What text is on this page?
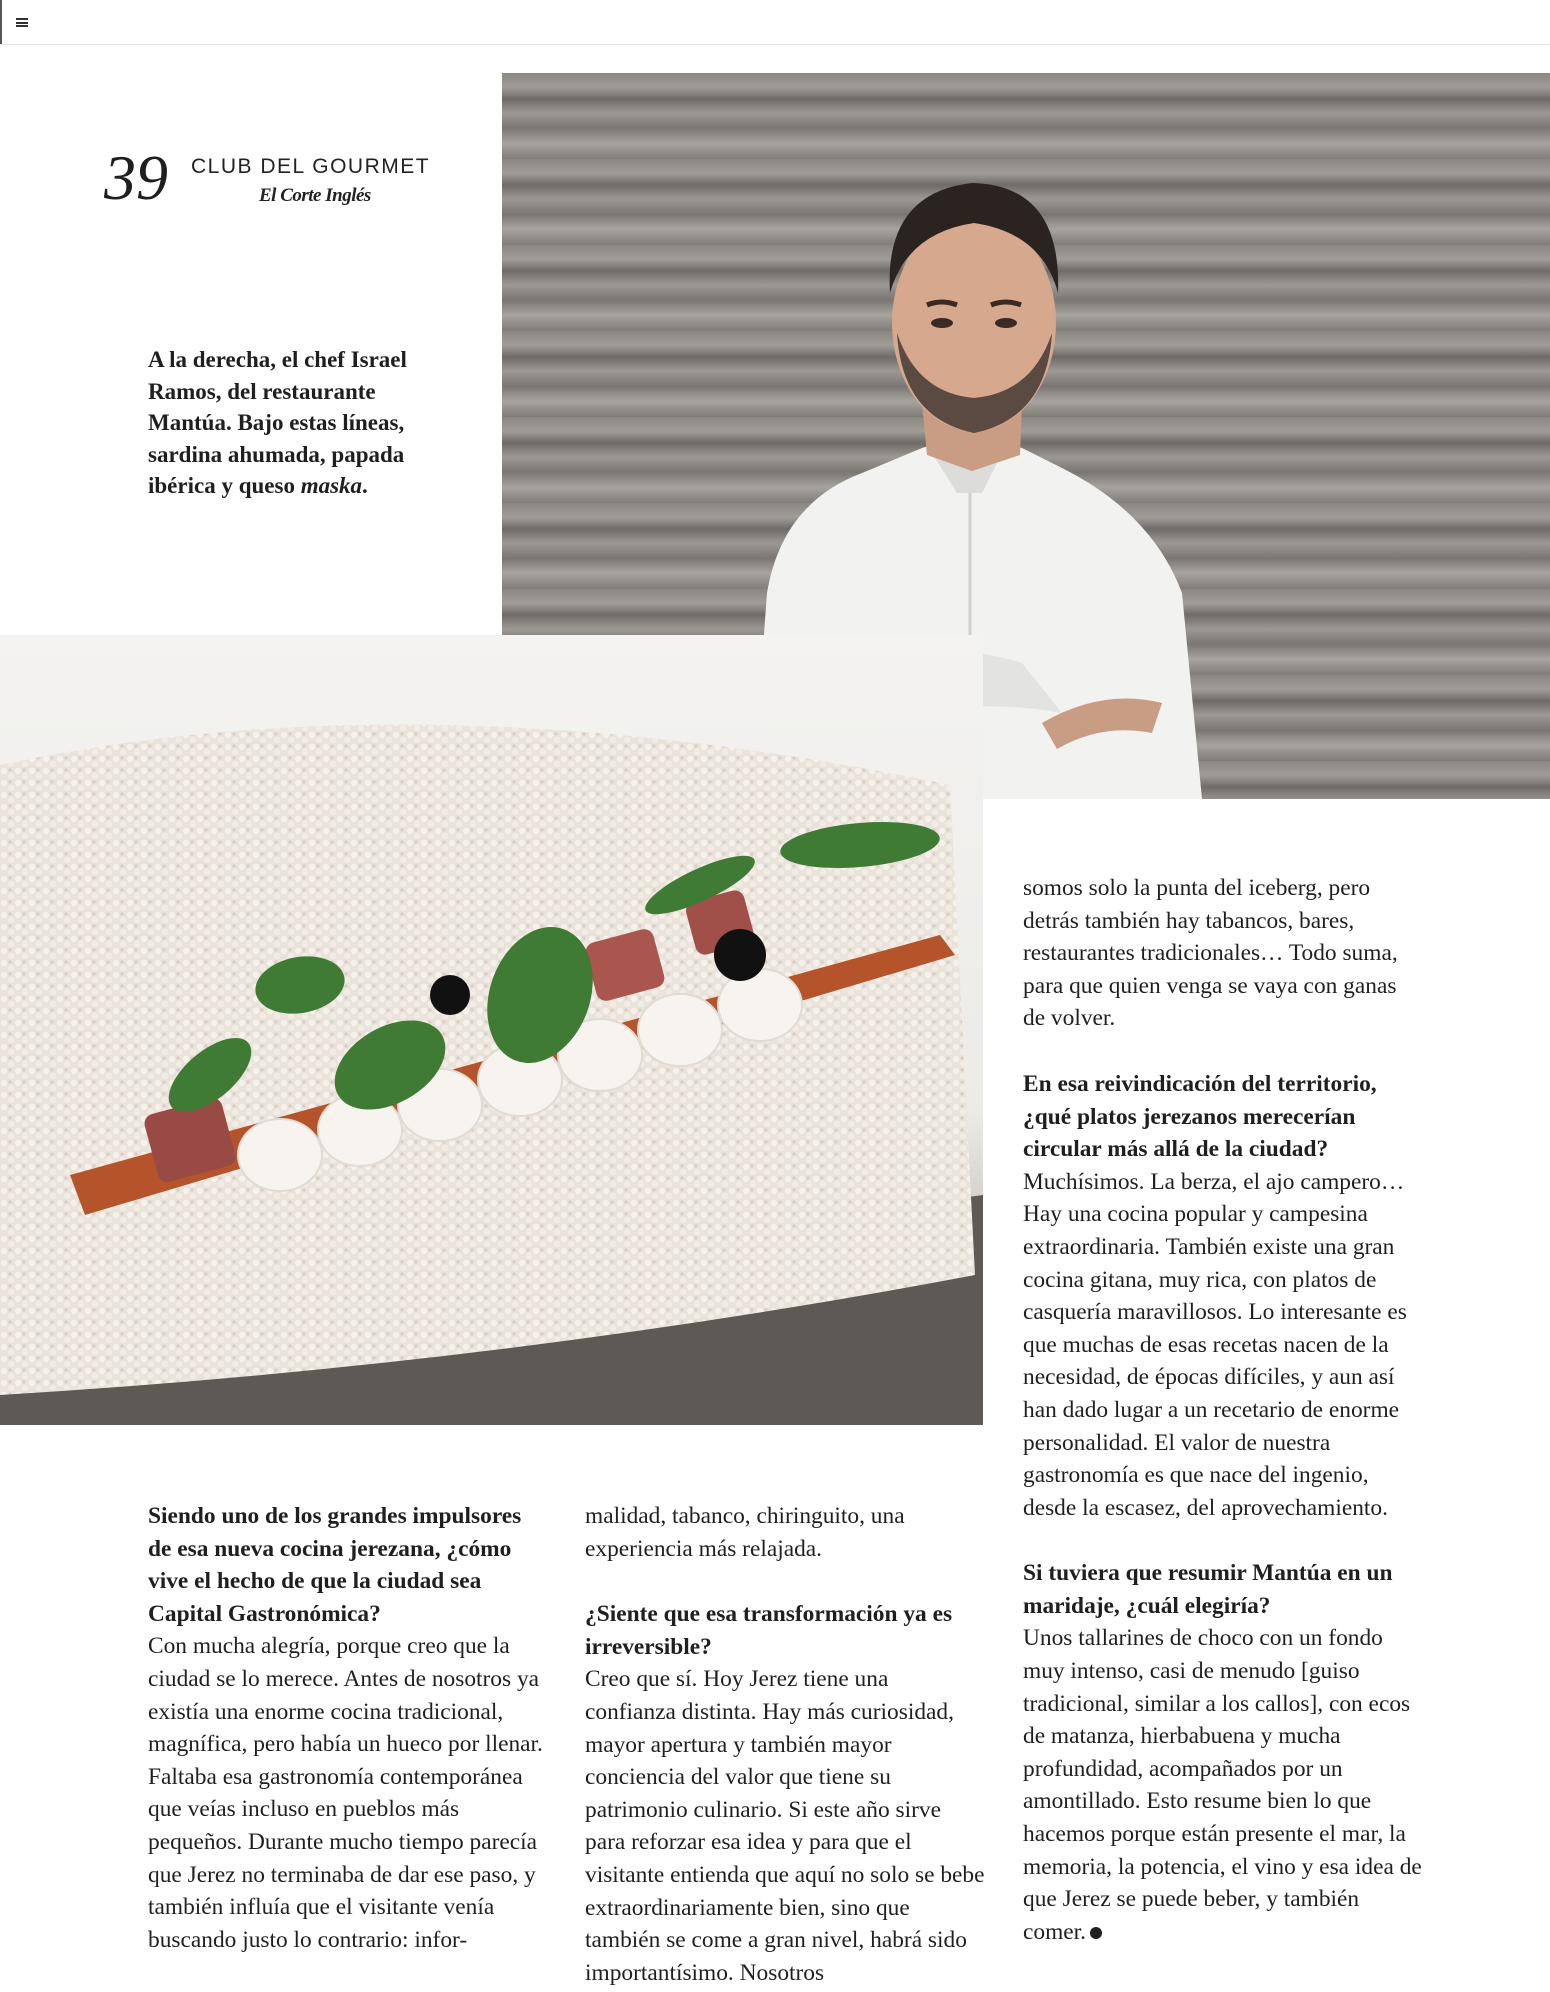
39 CLUB DEL GOURMET
El Corte Inglés
A la derecha, el chef Israel Ramos, del restaurante Mantúa. Bajo estas líneas, sardina ahumada, papada ibérica y queso maska.

Siendo uno de los grandes impulsores de esa nueva cocina jerezana, ¿cómo vive el hecho de que la ciudad sea Capital Gastronómica?

Con mucha alegría, porque creo que la ciudad se lo merece. Antes de nosotros ya existía una enorme cocina tradicional, magnífica, pero había un hueco por llenar. Faltaba esa gastronomía contemporánea que veías incluso en pueblos más pequeños. Durante mucho tiempo parecía que Jerez no terminaba de dar ese paso, y también influía que el visitante venía buscando justo lo contrario: infor-

malidad, tabanco, chiringuito, una experiencia más relajada.

¿Siente que esa transformación ya es irreversible?

Creo que sí. Hoy Jerez tiene una confianza distinta. Hay más curiosidad, mayor apertura y también mayor conciencia del valor que tiene su patrimonio culinario. Si este año sirve para reforzar esa idea y para que el visitante entienda que aquí no solo se bebe extraordinariamente bien, sino que también se come a gran nivel, habrá sido importantísimo. Nosotros

somos solo la punta del iceberg, pero detrás también hay tabancos, bares, restaurantes tradicionales… Todo suma, para que quien venga se vaya con ganas de volver.

En esa reivindicación del territorio, ¿qué platos jerezanos merecerían circular más allá de la ciudad?

Muchísimos. La berza, el ajo campero… Hay una cocina popular y campesina extraordinaria. También existe una gran cocina gitana, muy rica, con platos de casquería maravillosos. Lo interesante es que muchas de esas recetas nacen de la necesidad, de épocas difíciles, y aun así han dado lugar a un recetario de enorme personalidad. El valor de nuestra gastronomía es que nace del ingenio, desde la escasez, del aprovechamiento.

Si tuviera que resumir Mantúa en un maridaje, ¿cuál elegiría?

Unos tallarines de choco con un fondo muy intenso, casi de menudo [guiso tradicional, similar a los callos], con ecos de matanza, hierbabuena y mucha profundidad, acompañados por un amontillado. Esto resume bien lo que hacemos porque están presente el mar, la memoria, la potencia, el vino y esa idea de que Jerez se puede beber, y también comer.
